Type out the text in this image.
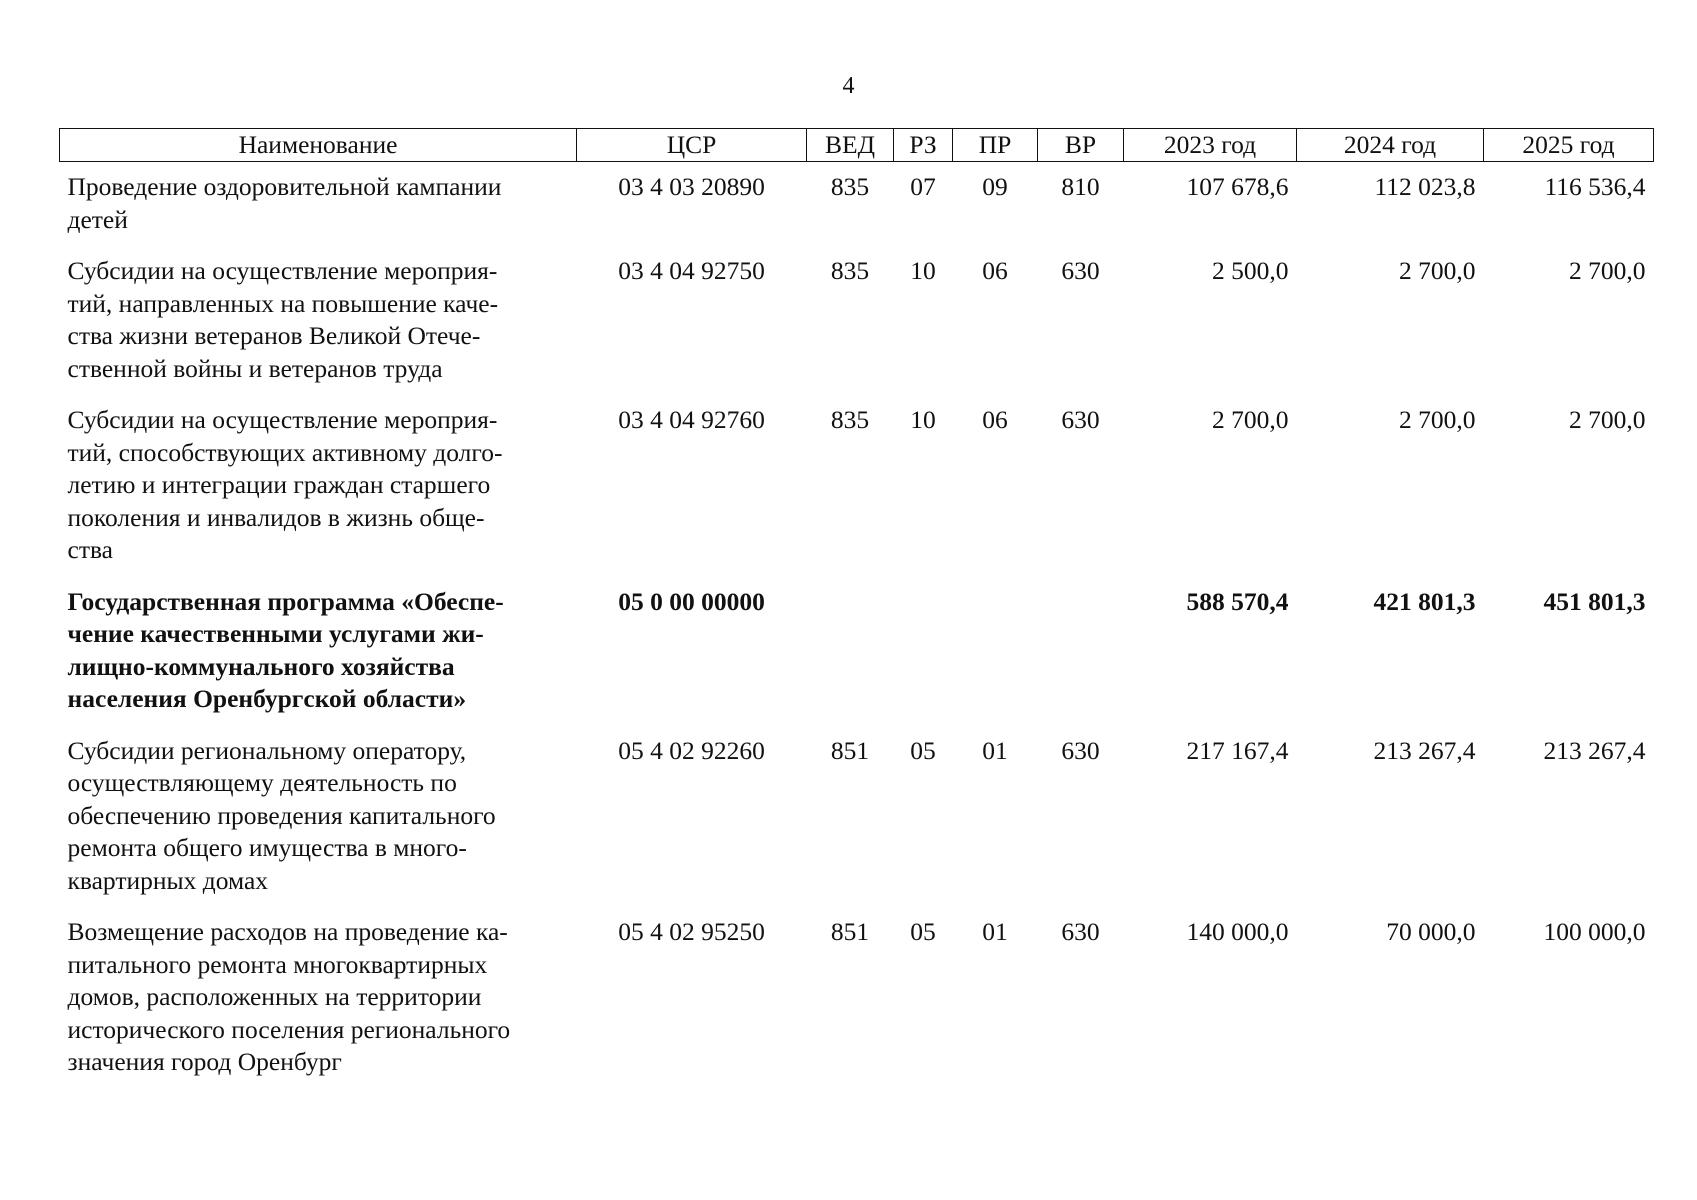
4
Наименование	ЦСР	ВЕД	РЗ	ПР	ВР	2023 год	2024 год	2025 год
Проведение оздоровительной кампании
детей	03 4 03 20890	835	07	09	810	107 678,6	112 023,8	116 536,4
Субсидии на осуществление мероприя-
тий, направленных на повышение каче-
ства жизни ветеранов Великой Отече-
ственной войны и ветеранов труда	03 4 04 92750	835	10	06	630	2 500,0	2 700,0	2 700,0
Субсидии на осуществление мероприя-
тий, способствующих активному долго-
летию и интеграции граждан старшего
поколения и инвалидов в жизнь обще-
ства	03 4 04 92760	835	10	06	630	2 700,0	2 700,0	2 700,0
Государственная программа «Обеспе-
чение качественными услугами жи-
лищно-коммунального хозяйства
населения Оренбургской области»	05 0 00 00000					588 570,4	421 801,3	451 801,3
Субсидии региональному оператору,
осуществляющему деятельность по
обеспечению проведения капитального
ремонта общего имущества в много-
квартирных домах	05 4 02 92260	851	05	01	630	217 167,4	213 267,4	213 267,4
Возмещение расходов на проведение ка-
питального ремонта многоквартирных
домов, расположенных на территории
исторического поселения регионального
значения город Оренбург	05 4 02 95250	851	05	01	630	140 000,0	70 000,0	100 000,0
